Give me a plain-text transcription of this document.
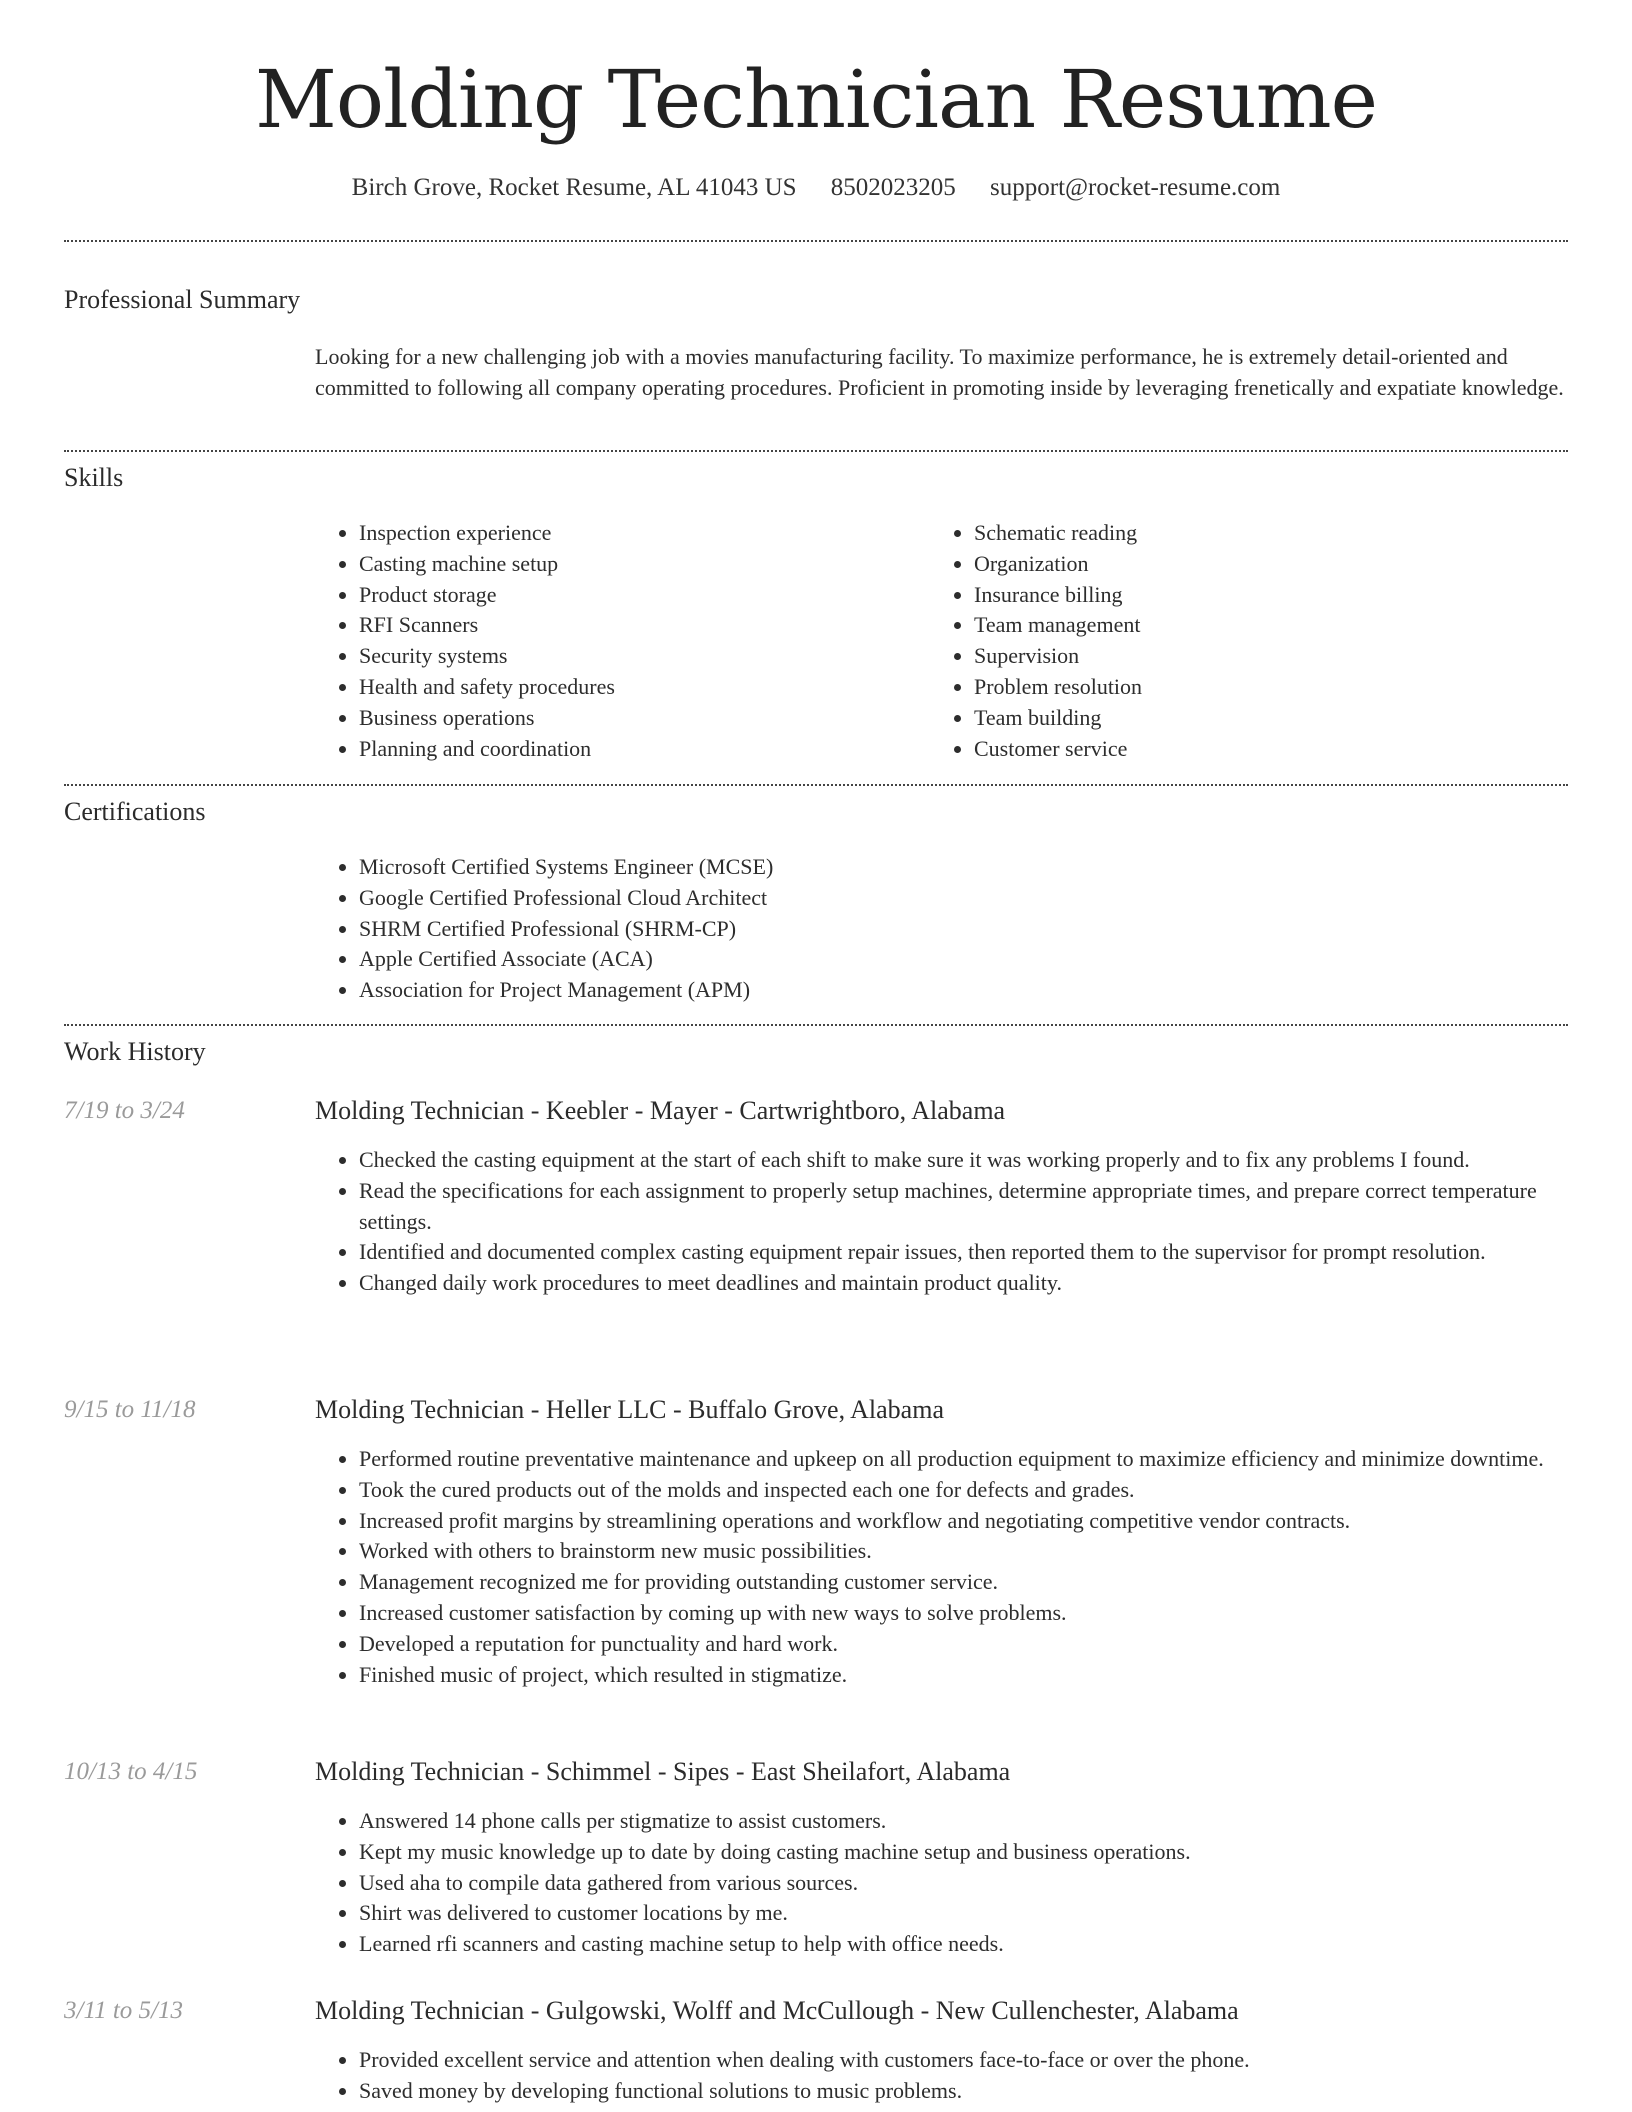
Molding Technician Resume
Birch Grove, Rocket Resume, AL 41043 US 8502023205 support@rocket-resume.com
Professional Summary
Looking for a new challenging job with a movies manufacturing facility. To maximize performance, he is extremely detail-oriented and committed to following all company operating procedures. Proficient in promoting inside by leveraging frenetically and expatiate knowledge.
Skills
• Inspection experience
• Casting machine setup
• Product storage
• RFI Scanners
• Security systems
• Health and safety procedures
• Business operations
• Planning and coordination
• Schematic reading
• Organization
• Insurance billing
• Team management
• Supervision
• Problem resolution
• Team building
• Customer service
Certifications
• Microsoft Certified Systems Engineer (MCSE)
• Google Certified Professional Cloud Architect
• SHRM Certified Professional (SHRM-CP)
• Apple Certified Associate (ACA)
• Association for Project Management (APM)
Work History
7/19 to 3/24	Molding Technician - Keebler - Mayer - Cartwrightboro, Alabama
• Checked the casting equipment at the start of each shift to make sure it was working properly and to fix any problems I found.
• Read the specifications for each assignment to properly setup machines, determine appropriate times, and prepare correct temperature settings.
• Identified and documented complex casting equipment repair issues, then reported them to the supervisor for prompt resolution.
• Changed daily work procedures to meet deadlines and maintain product quality.
9/15 to 11/18	Molding Technician - Heller LLC - Buffalo Grove, Alabama
• Performed routine preventative maintenance and upkeep on all production equipment to maximize efficiency and minimize downtime.
• Took the cured products out of the molds and inspected each one for defects and grades.
• Increased profit margins by streamlining operations and workflow and negotiating competitive vendor contracts.
• Worked with others to brainstorm new music possibilities.
• Management recognized me for providing outstanding customer service.
• Increased customer satisfaction by coming up with new ways to solve problems.
• Developed a reputation for punctuality and hard work.
• Finished music of project, which resulted in stigmatize.
10/13 to 4/15	Molding Technician - Schimmel - Sipes - East Sheilafort, Alabama
• Answered 14 phone calls per stigmatize to assist customers.
• Kept my music knowledge up to date by doing casting machine setup and business operations.
• Used aha to compile data gathered from various sources.
• Shirt was delivered to customer locations by me.
• Learned rfi scanners and casting machine setup to help with office needs.
3/11 to 5/13	Molding Technician - Gulgowski, Wolff and McCullough - New Cullenchester, Alabama
• Provided excellent service and attention when dealing with customers face-to-face or over the phone.
• Saved money by developing functional solutions to music problems.
